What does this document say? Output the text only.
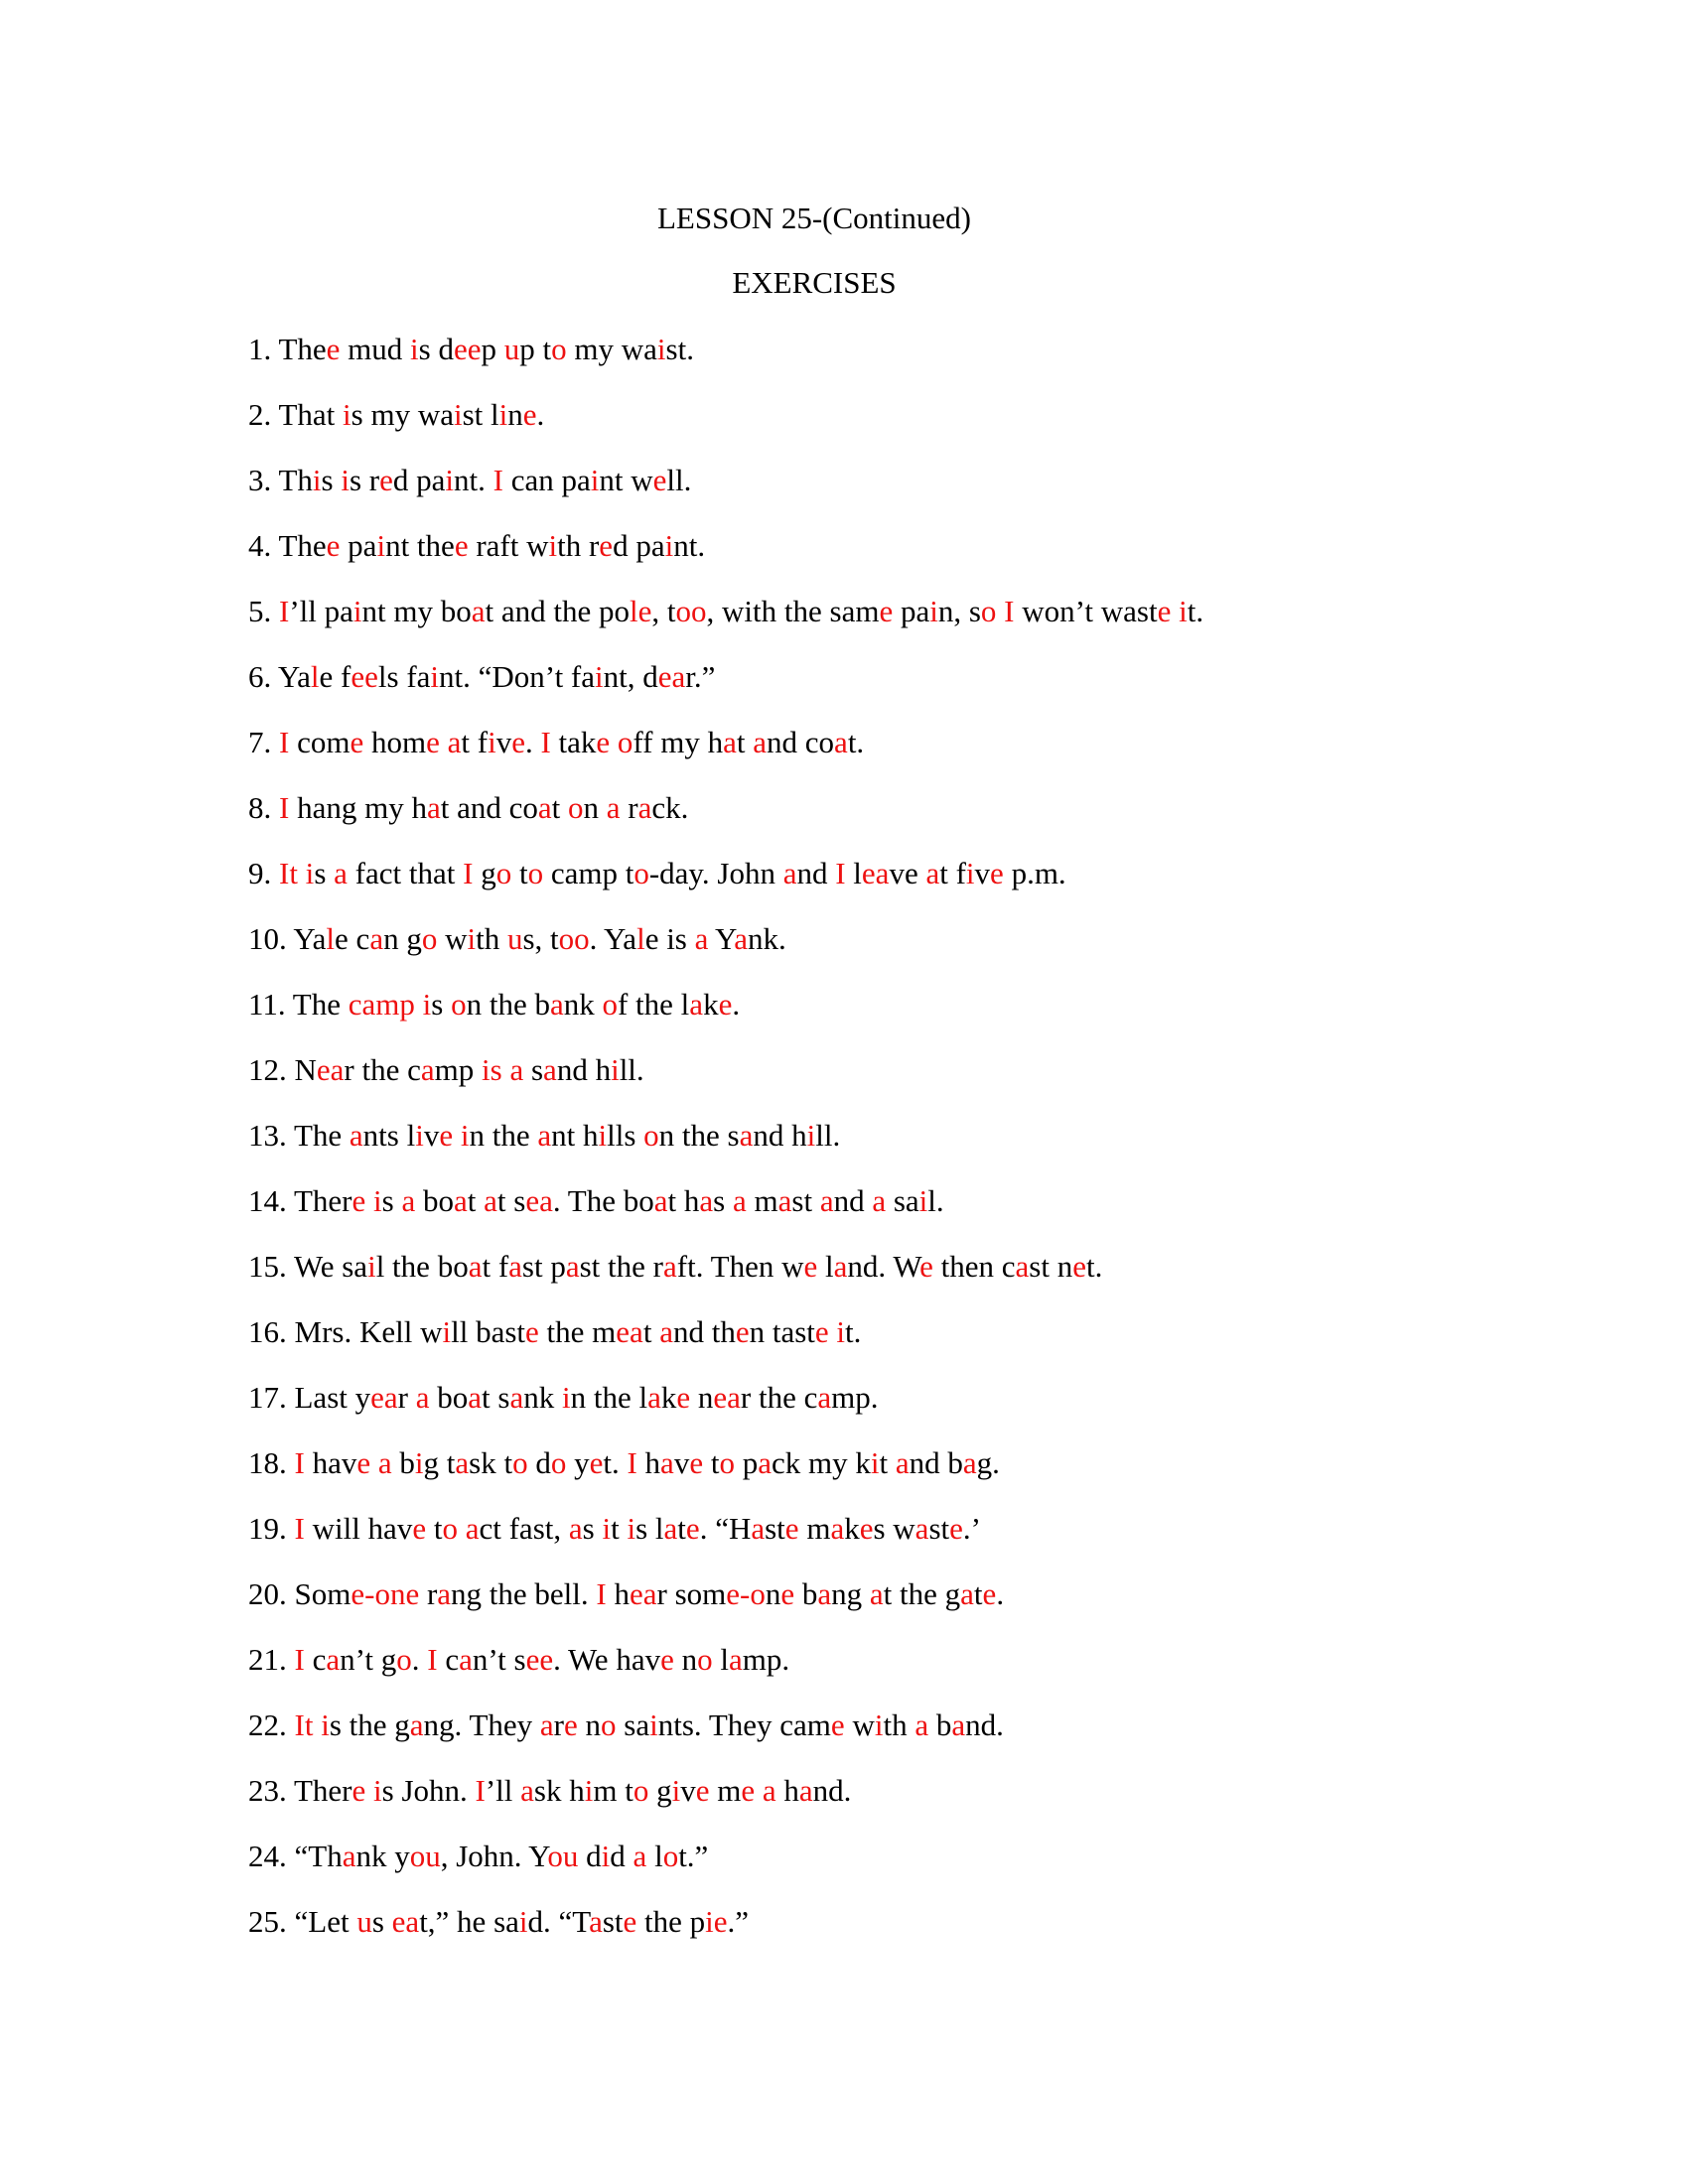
LESSON 25-(Continued)
EXERCISES
1. Thee mud is deep up to my waist.
2. That is my waist line.
3. This is red paint. I can paint well.
4. Thee paint thee raft with red paint.
5. I’ll paint my boat and the pole, too, with the same pain, so I won’t waste it.
6. Yale feels faint. “Don’t faint, dear.”
7. I come home at five. I take off my hat and coat.
8. I hang my hat and coat on a rack.
9. It is a fact that I go to camp to-day. John and I leave at five p.m.
10. Yale can go with us, too. Yale is a Yank.
11. The camp is on the bank of the lake.
12. Near the camp is a sand hill.
13. The ants live in the ant hills on the sand hill.
14. There is a boat at sea. The boat has a mast and a sail.
15. We sail the boat fast past the raft. Then we land. We then cast net.
16. Mrs. Kell will baste the meat and then taste it.
17. Last year a boat sank in the lake near the camp.
18. I have a big task to do yet. I have to pack my kit and bag.
19. I will have to act fast, as it is late. “Haste makes waste.’
20. Some-one rang the bell. I hear some-one bang at the gate.
21. I can’t go. I can’t see. We have no lamp.
22. It is the gang. They are no saints. They came with a band.
23. There is John. I’ll ask him to give me a hand.
24. “Thank you, John. You did a lot.”
25. “Let us eat,” he said. “Taste the pie.”
